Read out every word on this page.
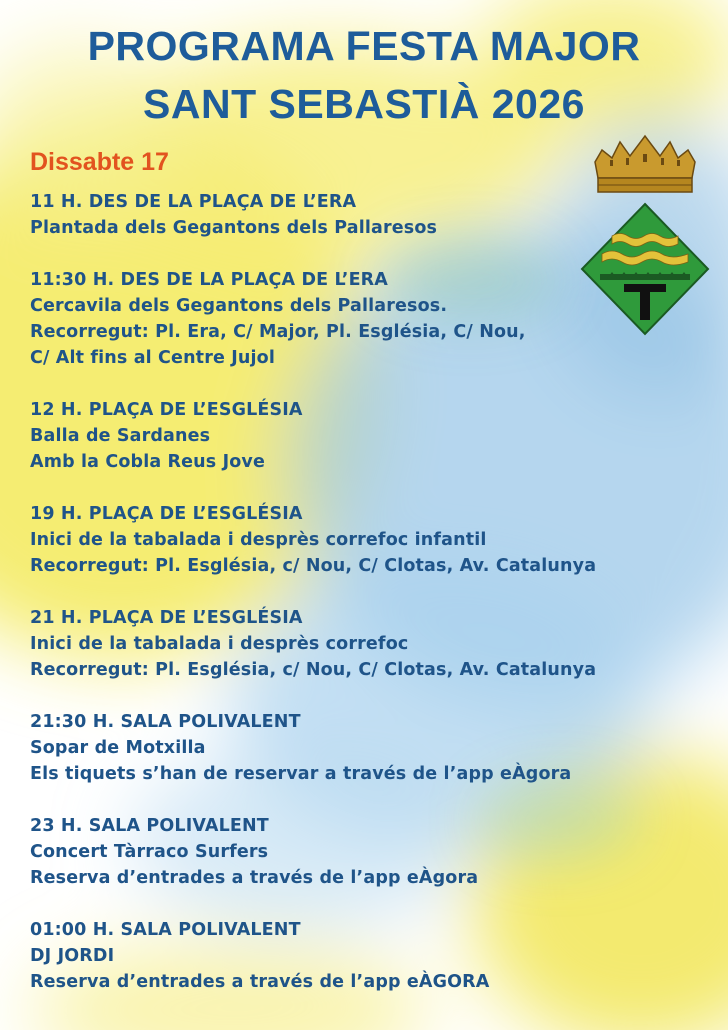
PROGRAMA FESTA MAJOR
SANT SEBASTIÀ 2026
Dissabte 17
11 H. DES DE LA PLAÇA DE L’ERA
Plantada dels Gegantons dels Pallaresos
11:30 H. DES DE LA PLAÇA DE L’ERA
Cercavila dels Gegantons dels Pallaresos.
Recorregut: Pl. Era, C/ Major, Pl. Església, C/ Nou,
C/ Alt fins al Centre Jujol
12 H. PLAÇA DE L’ESGLÉSIA
Balla de Sardanes
Amb la Cobla Reus Jove
19 H. PLAÇA DE L’ESGLÉSIA
Inici de la tabalada i desprès correfoc infantil
Recorregut: Pl. Església, c/ Nou, C/ Clotas, Av. Catalunya
21 H. PLAÇA DE L’ESGLÉSIA
Inici de la tabalada i desprès correfoc
Recorregut: Pl. Església, c/ Nou, C/ Clotas, Av. Catalunya
21:30 H. SALA POLIVALENT
Sopar de Motxilla
Els tiquets s’han de reservar a través de l’app eÀgora
23 H. SALA POLIVALENT
Concert Tàrraco Surfers
Reserva d’entrades a través de l’app eÀgora
01:00 H. SALA POLIVALENT
DJ JORDI
Reserva d’entrades a través de l’app eÀGORA
